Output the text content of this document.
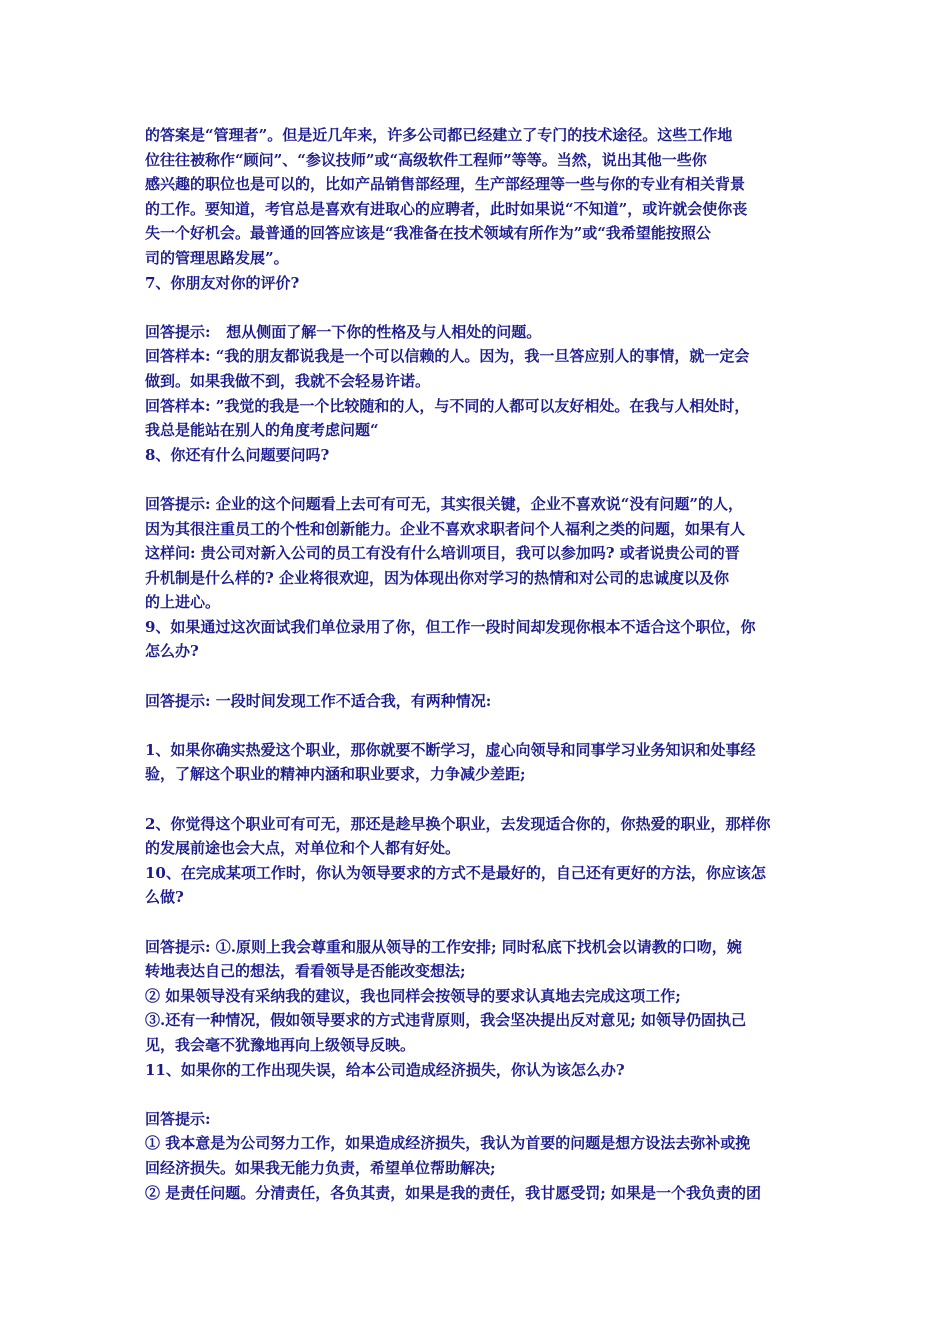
的答案是“管理者”。但是近几年来，许多公司都已经建立了专门的技术途径。这些工作地
位往往被称作“顾问”、“参议技师”或“高级软件工程师”等等。当然，说出其他一些你
感兴趣的职位也是可以的，比如产品销售部经理，生产部经理等一些与你的专业有相关背景
的工作。要知道，考官总是喜欢有进取心的应聘者，此时如果说“不知道”，或许就会使你丧
失一个好机会。最普通的回答应该是“我准备在技术领域有所作为”或“我希望能按照公
司的管理思路发展”。
7、你朋友对你的评价?
回答提示:   想从侧面了解一下你的性格及与人相处的问题。
回答样本: “我的朋友都说我是一个可以信赖的人。因为，我一旦答应别人的事情，就一定会
做到。如果我做不到，我就不会轻易许诺。
回答样本: ”我觉的我是一个比较随和的人，与不同的人都可以友好相处。在我与人相处时，
我总是能站在别人的角度考虑问题“
8、你还有什么问题要问吗?
回答提示: 企业的这个问题看上去可有可无，其实很关键，企业不喜欢说“没有问题”的人，
因为其很注重员工的个性和创新能力。企业不喜欢求职者问个人福利之类的问题，如果有人
这样问: 贵公司对新入公司的员工有没有什么培训项目，我可以参加吗? 或者说贵公司的晋
升机制是什么样的? 企业将很欢迎，因为体现出你对学习的热情和对公司的忠诚度以及你
的上进心。
9、如果通过这次面试我们单位录用了你，但工作一段时间却发现你根本不适合这个职位，你
怎么办?
回答提示: 一段时间发现工作不适合我，有两种情况:
1、如果你确实热爱这个职业，那你就要不断学习，虚心向领导和同事学习业务知识和处事经
验，了解这个职业的精神内涵和职业要求，力争减少差距;
2、你觉得这个职业可有可无，那还是趁早换个职业，去发现适合你的，你热爱的职业，那样你
的发展前途也会大点，对单位和个人都有好处。
10、在完成某项工作时，你认为领导要求的方式不是最好的，自己还有更好的方法，你应该怎
么做?
回答提示: ①.原则上我会尊重和服从领导的工作安排; 同时私底下找机会以请教的口吻，婉
转地表达自己的想法，看看领导是否能改变想法;
② 如果领导没有采纳我的建议，我也同样会按领导的要求认真地去完成这项工作;
③.还有一种情况，假如领导要求的方式违背原则，我会坚决提出反对意见; 如领导仍固执己
见，我会毫不犹豫地再向上级领导反映。
11、如果你的工作出现失误，给本公司造成经济损失，你认为该怎么办?
回答提示:
① 我本意是为公司努力工作，如果造成经济损失，我认为首要的问题是想方设法去弥补或挽
回经济损失。如果我无能力负责，希望单位帮助解决;
② 是责任问题。分清责任，各负其责，如果是我的责任，我甘愿受罚; 如果是一个我负责的团
